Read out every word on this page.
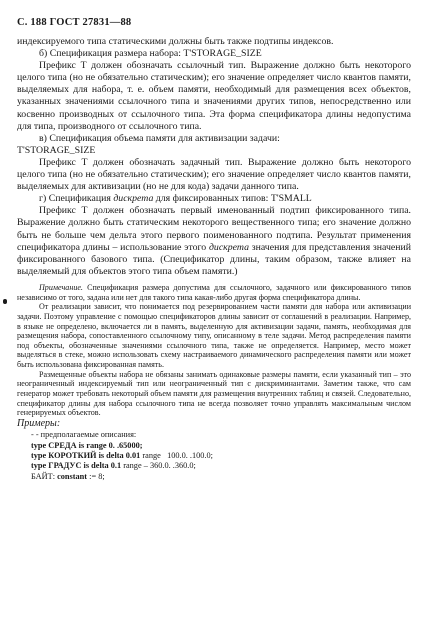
С. 188 ГОСТ 27831—88

индексируемого типа статическими должны быть также подтипы индексов.

б) Спецификация размера набора: T'STORAGE_SIZE

Префикс T должен обозначать ссылочный тип. Выражение должно быть некоторого целого типа (но не обязательно статическим); его значение определяет число квантов памяти, выделяемых для набора, т. е. объем памяти, необходимый для размещения всех объектов, указанных значениями ссылочного типа и значениями других типов, непосредственно или косвенно производных от ссылочного типа. Эта форма спецификатора длины недопустима для типа, производного от ссылочного типа.

в) Спецификация объема памяти для активизации задачи:

T'STORAGE_SIZE

Префикс T должен обозначать задачный тип. Выражение должно быть некоторого целого типа (но не обязательно статическим); его значение определяет число квантов памяти, выделяемых для активизации (но не для кода) задачи данного типа.

г) Спецификация дискрета для фиксированных типов: T'SMALL

Префикс T должен обозначать первый именованный подтип фиксированного типа. Выражение должно быть статическим некоторого вещественного типа; его значение должно быть не больше чем дельта этого первого поименованного подтипа. Результат применения спецификатора длины – использование этого дискрета значения для представления значений фиксированного базового типа. (Спецификатор длины, таким образом, также влияет на выделяемый для объектов этого типа объем памяти.)

Примечание. Спецификация размера допустима для ссылочного, задачного или фиксированного типов независимо от того, задана или нет для такого типа какая-либо другая форма спецификатора длины.

От реализации зависит, что понимается под резервированием части памяти для набора или активизации задачи. Поэтому управление с помощью спецификаторов длины зависит от соглашений в реализации. Например, в языке не определено, включается ли в память, выделенную для активизации задачи, память, необходимая для размещения набора, сопоставленного ссылочному типу, описанному в теле задачи. Метод распределения памяти под объекты, обозначенные значениями ссылочного типа, также не определяется. Например, место может выделяться в стеке, можно использовать схему настраиваемого динамического распределения памяти или может быть использована фиксированная память.

Размещенные объекты набора не обязаны занимать одинаковые размеры памяти, если указанный тип – это неограниченный индексируемый тип или неограниченный тип с дискриминантами. Заметим также, что сам генератор может требовать некоторый объем памяти для размещения внутренних таблиц и связей. Следовательно, спецификатор длины для набора ссылочного типа не всегда позволяет точно управлять максимальным числом генерируемых объектов.

Примеры:

- - предполагаемые описания:
type СРЕДА is range 0. .65000;
type КОРОТКИЙ is delta 0.01 range 100.0. .100.0;
type ГРАДУС is delta 0.1 range – 360.0. .360.0;
БАЙТ: constant := 8;
